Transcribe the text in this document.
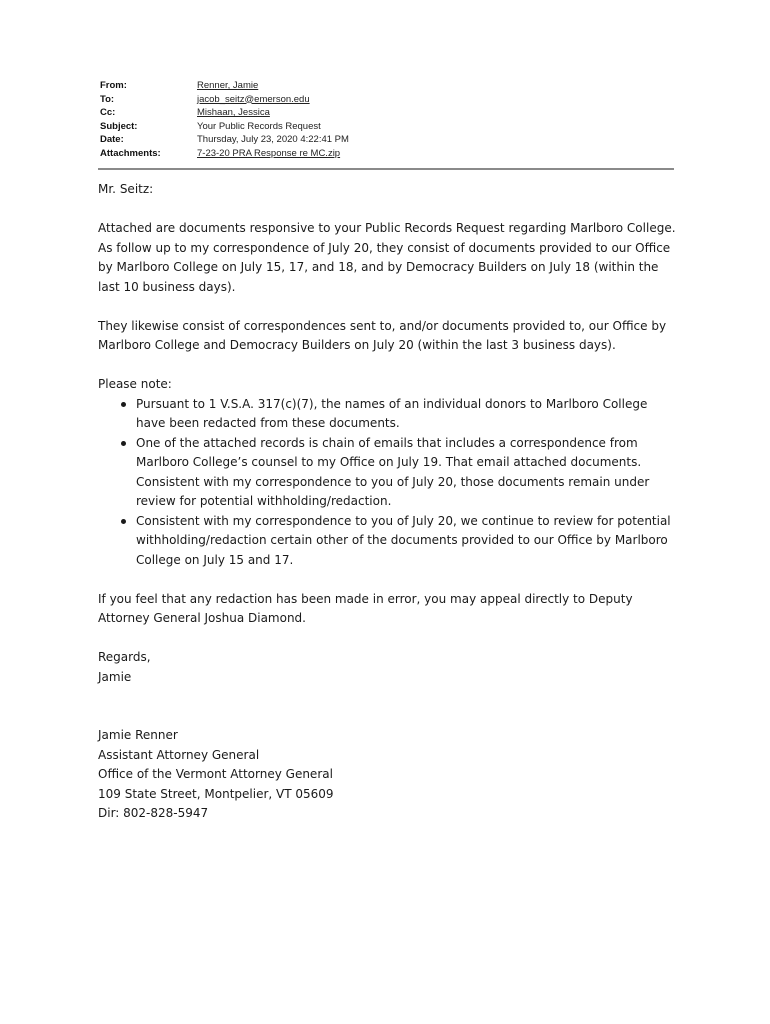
From:	Renner, Jamie
To:	jacob_seitz@emerson.edu
Cc:	Mishaan, Jessica
Subject:	Your Public Records Request
Date:	Thursday, July 23, 2020 4:22:41 PM
Attachments:	7-23-20 PRA Response re MC.zip

Mr. Seitz:

Attached are documents responsive to your Public Records Request regarding Marlboro College. As follow up to my correspondence of July 20, they consist of documents provided to our Office by Marlboro College on July 15, 17, and 18, and by Democracy Builders on July 18 (within the last 10 business days).

They likewise consist of correspondences sent to, and/or documents provided to, our Office by Marlboro College and Democracy Builders on July 20 (within the last 3 business days).

Please note:

Pursuant to 1 V.S.A. 317(c)(7), the names of an individual donors to Marlboro College have been redacted from these documents.
One of the attached records is chain of emails that includes a correspondence from Marlboro College’s counsel to my Office on July 19. That email attached documents. Consistent with my correspondence to you of July 20, those documents remain under review for potential withholding/redaction.
Consistent with my correspondence to you of July 20, we continue to review for potential withholding/redaction certain other of the documents provided to our Office by Marlboro College on July 15 and 17.

If you feel that any redaction has been made in error, you may appeal directly to Deputy Attorney General Joshua Diamond.

Regards,

Jamie

Jamie Renner

Assistant Attorney General

Office of the Vermont Attorney General

109 State Street, Montpelier, VT 05609

Dir: 802-828-5947
